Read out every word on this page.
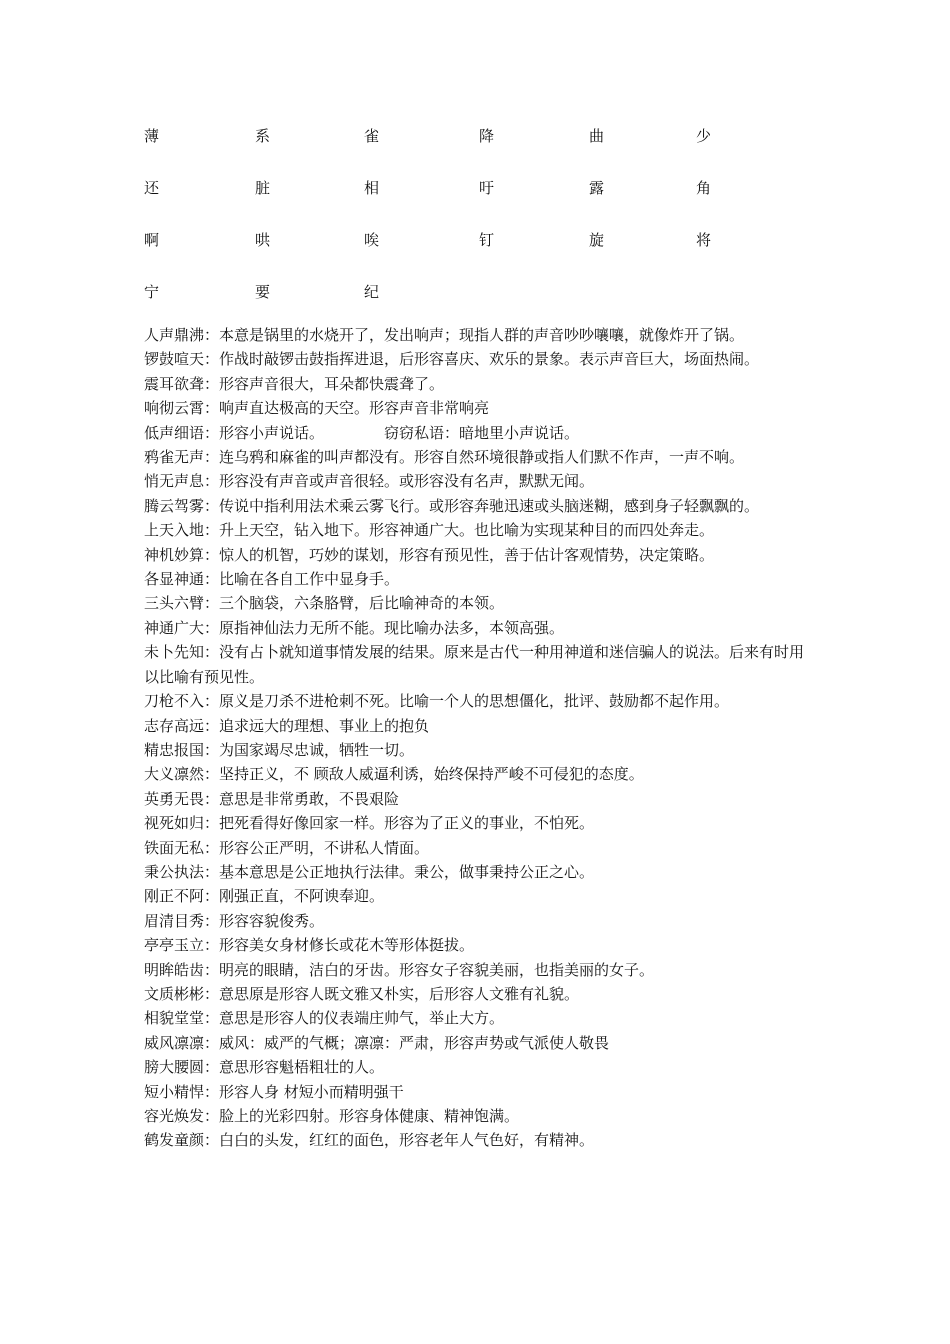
薄	系	雀	降	曲	少
还	脏	相	吁	露	角
啊	哄	唉	钉	旋	将
宁	要	纪

人声鼎沸：本意是锅里的水烧开了，发出响声；现指人群的声音吵吵嚷嚷，就像炸开了锅。

锣鼓喧天：作战时敲锣击鼓指挥进退，后形容喜庆、欢乐的景象。表示声音巨大，场面热闹。

震耳欲聋：形容声音很大，耳朵都快震聋了。

响彻云霄：响声直达极高的天空。形容声音非常响亮

低声细语：形容小声说话。	窃窃私语：暗地里小声说话。

鸦雀无声：连乌鸦和麻雀的叫声都没有。形容自然环境很静或指人们默不作声，一声不响。

悄无声息：形容没有声音或声音很轻。或形容没有名声，默默无闻。

腾云驾雾：传说中指利用法术乘云雾飞行。或形容奔驰迅速或头脑迷糊，感到身子轻飘飘的。

上天入地：升上天空，钻入地下。形容神通广大。也比喻为实现某种目的而四处奔走。

神机妙算：惊人的机智，巧妙的谋划，形容有预见性，善于估计客观情势，决定策略。

各显神通：比喻在各自工作中显身手。

三头六臂：三个脑袋，六条胳臂，后比喻神奇的本领。

神通广大：原指神仙法力无所不能。现比喻办法多，本领高强。

未卜先知：没有占卜就知道事情发展的结果。原来是古代一种用神道和迷信骗人的说法。后来有时用以比喻有预见性。

刀枪不入：原义是刀杀不进枪刺不死。比喻一个人的思想僵化，批评、鼓励都不起作用。

志存高远：追求远大的理想、事业上的抱负

精忠报国：为国家竭尽忠诚，牺牲一切。

大义凛然：坚持正义，不 顾敌人威逼利诱，始终保持严峻不可侵犯的态度。

英勇无畏：意思是非常勇敢，不畏艰险

视死如归：把死看得好像回家一样。形容为了正义的事业，不怕死。

铁面无私：形容公正严明，不讲私人情面。

秉公执法：基本意思是公正地执行法律。秉公，做事秉持公正之心。

刚正不阿：刚强正直，不阿谀奉迎。

眉清目秀：形容容貌俊秀。

亭亭玉立：形容美女身材修长或花木等形体挺拔。

明眸皓齿：明亮的眼睛，洁白的牙齿。形容女子容貌美丽，也指美丽的女子。

文质彬彬：意思原是形容人既文雅又朴实，后形容人文雅有礼貌。

相貌堂堂：意思是形容人的仪表端庄帅气，举止大方。

威风凛凛：威风：威严的气概；凛凛：严肃，形容声势或气派使人敬畏

膀大腰圆：意思形容魁梧粗壮的人。

短小精悍：形容人身 材短小而精明强干

容光焕发：脸上的光彩四射。形容身体健康、精神饱满。

鹤发童颜：白白的头发，红红的面色，形容老年人气色好，有精神。
